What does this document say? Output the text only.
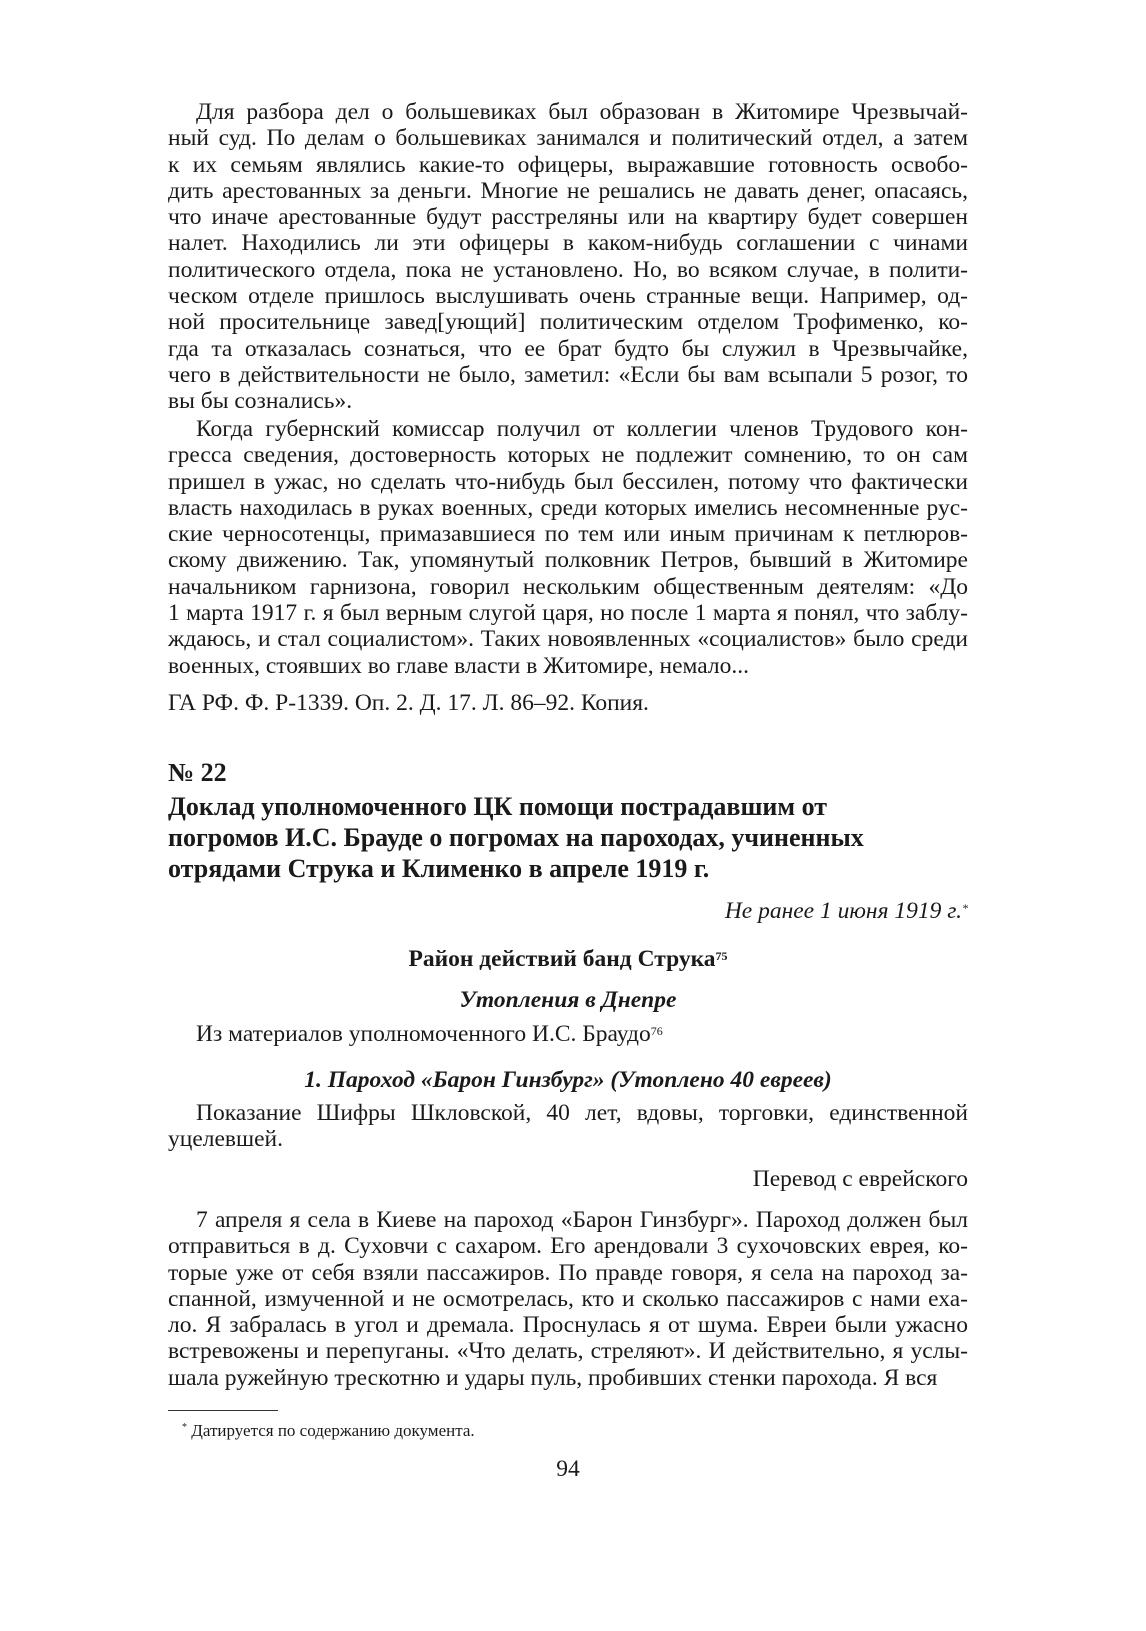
Для разбора дел о большевиках был образован в Житомире Чрезвычай-
ный суд. По делам о большевиках занимался и политический отдел, а затем
к их семьям являлись какие-то офицеры, выражавшие готовность освобо-
дить арестованных за деньги. Многие не решались не давать денег, опасаясь,
что иначе арестованные будут расстреляны или на квартиру будет совершен
налет. Находились ли эти офицеры в каком-нибудь соглашении с чинами
политического отдела, пока не установлено. Но, во всяком случае, в полити-
ческом отделе пришлось выслушивать очень странные вещи. Например, од-
ной просительнице завед[ующий] политическим отделом Трофименко, ко-
гда та отказалась сознаться, что ее брат будто бы служил в Чрезвычайке,
чего в действительности не было, заметил: «Если бы вам всыпали 5 розог, то
вы бы сознались».
Когда губернский комиссар получил от коллегии членов Трудового кон-
гресса сведения, достоверность которых не подлежит сомнению, то он сам
пришел в ужас, но сделать что-нибудь был бессилен, потому что фактически
власть находилась в руках военных, среди которых имелись несомненные рус-
ские черносотенцы, примазавшиеся по тем или иным причинам к петлюров-
скому движению. Так, упомянутый полковник Петров, бывший в Житомире
начальником гарнизона, говорил нескольким общественным деятелям: «До
1 марта 1917 г. я был верным слугой царя, но после 1 марта я понял, что заблу-
ждаюсь, и стал социалистом». Таких новоявленных «социалистов» было среди
военных, стоявших во главе власти в Житомире, немало...
ГА РФ. Ф. Р-1339. Оп. 2. Д. 17. Л. 86–92. Копия.
№ 22
Доклад уполномоченного ЦК помощи пострадавшим от
погромов И.С. Брауде о погромах на пароходах, учиненных
отрядами Струка и Клименко в апреле 1919 г.
Не ранее 1 июня 1919 г.*
Район действий банд Струка$^{75}$
Утопления в Днепре
Из материалов уполномоченного И.С. Браудо$^{76}$
1. Пароход «Барон Гинзбург» (Утоплено 40 евреев)
Показание Шифры Шкловской, 40 лет, вдовы, торговки, единственной
уцелевшей.
Перевод с еврейского
7 апреля я села в Киеве на пароход «Барон Гинзбург». Пароход должен был
отправиться в д. Суховчи с сахаром. Его арендовали 3 сухочовских еврея, ко-
торые уже от себя взяли пассажиров. По правде говоря, я села на пароход за-
спанной, измученной и не осмотрелась, кто и сколько пассажиров с нами еха-
ло. Я забралась в угол и дремала. Проснулась я от шума. Евреи были ужасно
встревожены и перепуганы. «Что делать, стреляют». И действительно, я услы-
шала ружейную трескотню и удары пуль, пробивших стенки парохода. Я вся
* Датируется по содержанию документа.
94
